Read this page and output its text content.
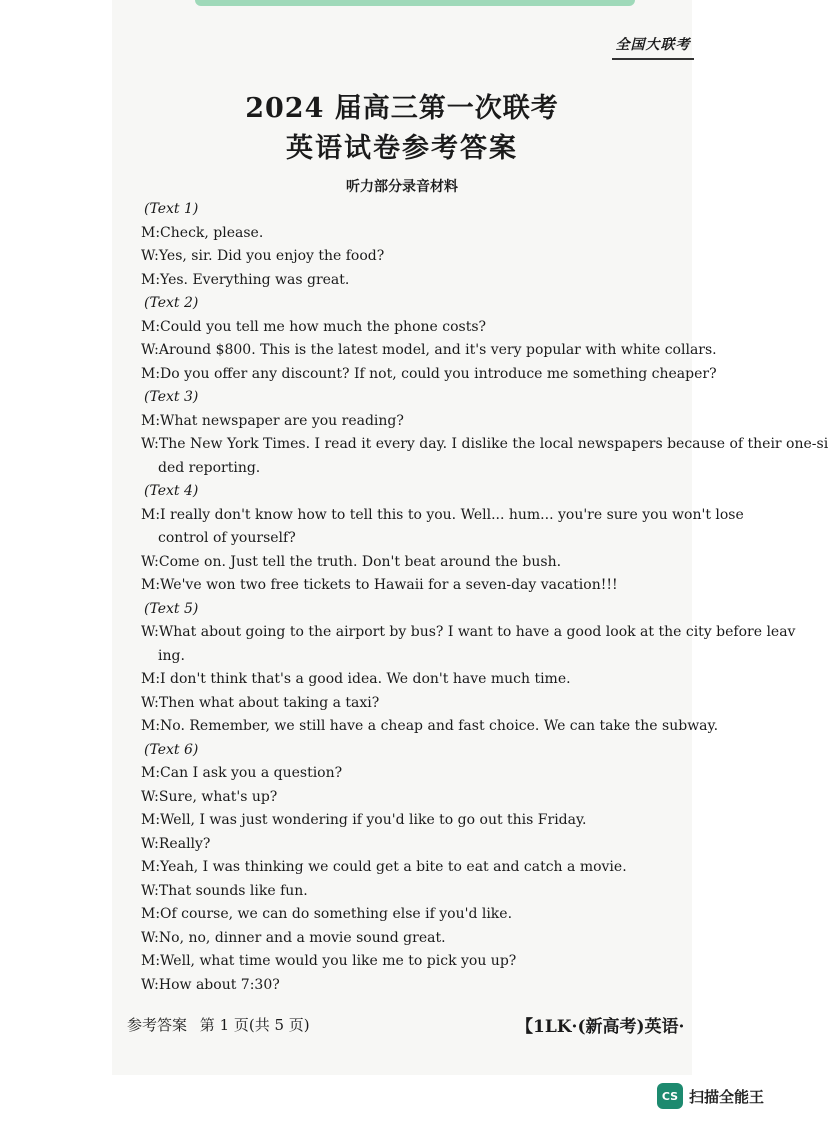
全国大联考
2024 届高三第一次联考
英语试卷参考答案
听力部分录音材料
(Text 1)
M:Check, please.
W:Yes, sir. Did you enjoy the food?
M:Yes. Everything was great.
(Text 2)
M:Could you tell me how much the phone costs?
W:Around $800. This is the latest model, and it's very popular with white collars.
M:Do you offer any discount? If not, could you introduce me something cheaper?
(Text 3)
M:What newspaper are you reading?
W:The New York Times. I read it every day. I dislike the local newspapers because of their one-si
ded reporting.
(Text 4)
M:I really don't know how to tell this to you. Well... hum... you're sure you won't lose
control of yourself?
W:Come on. Just tell the truth. Don't beat around the bush.
M:We've won two free tickets to Hawaii for a seven-day vacation!!!
(Text 5)
W:What about going to the airport by bus? I want to have a good look at the city before leav
ing.
M:I don't think that's a good idea. We don't have much time.
W:Then what about taking a taxi?
M:No. Remember, we still have a cheap and fast choice. We can take the subway.
(Text 6)
M:Can I ask you a question?
W:Sure, what's up?
M:Well, I was just wondering if you'd like to go out this Friday.
W:Really?
M:Yeah, I was thinking we could get a bite to eat and catch a movie.
W:That sounds like fun.
M:Of course, we can do something else if you'd like.
W:No, no, dinner and a movie sound great.
M:Well, what time would you like me to pick you up?
W:How about 7:30?
参考答案 第 1 页(共 5 页)	【1LK·(新高考)英语·
CS 扫描全能王
